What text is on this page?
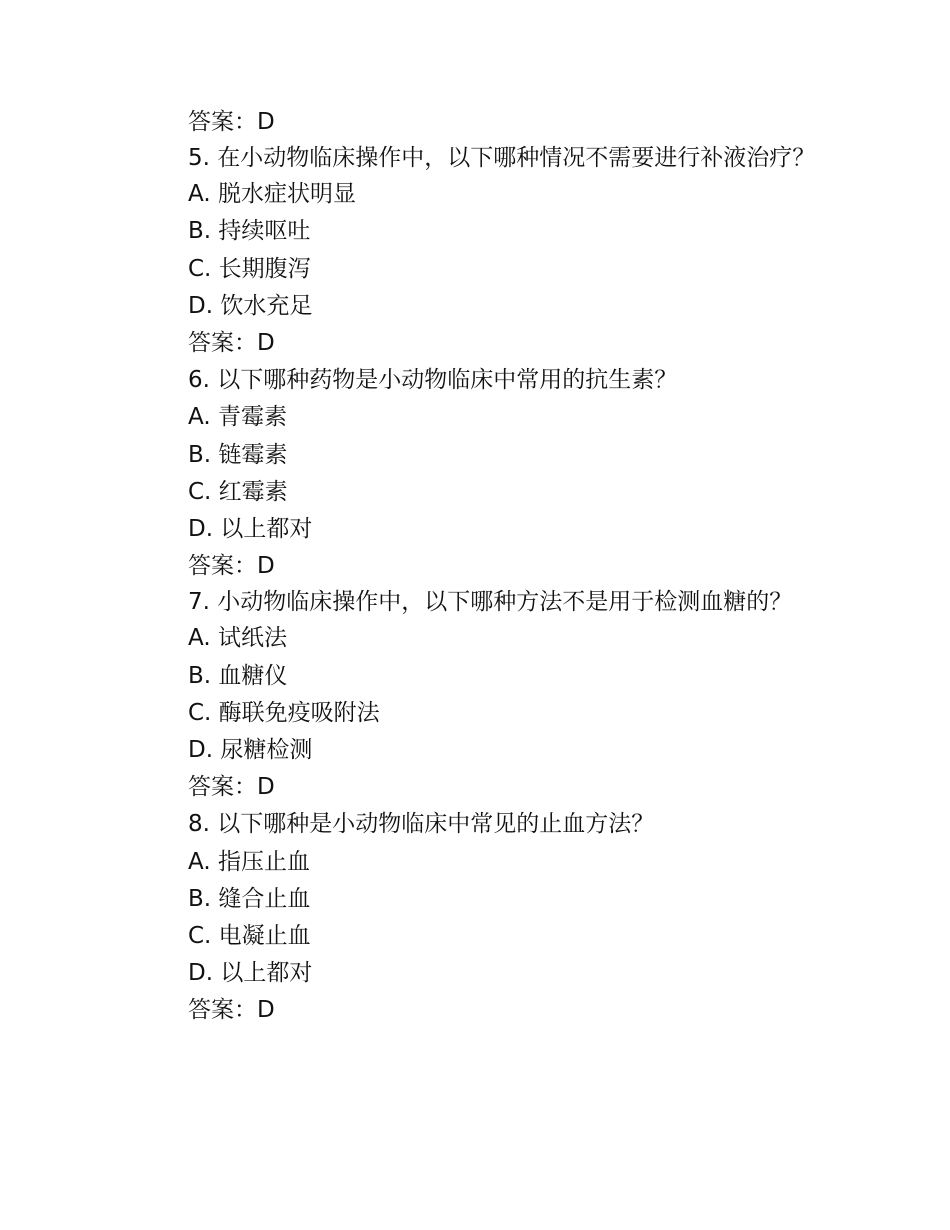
答案：D

5. 在小动物临床操作中，以下哪种情况不需要进行补液治疗？

A. 脱水症状明显

B. 持续呕吐

C. 长期腹泻

D. 饮水充足

答案：D

6. 以下哪种药物是小动物临床中常用的抗生素？

A. 青霉素

B. 链霉素

C. 红霉素

D. 以上都对

答案：D

7. 小动物临床操作中，以下哪种方法不是用于检测血糖的？

A. 试纸法

B. 血糖仪

C. 酶联免疫吸附法

D. 尿糖检测

答案：D

8. 以下哪种是小动物临床中常见的止血方法？

A. 指压止血

B. 缝合止血

C. 电凝止血

D. 以上都对

答案：D
